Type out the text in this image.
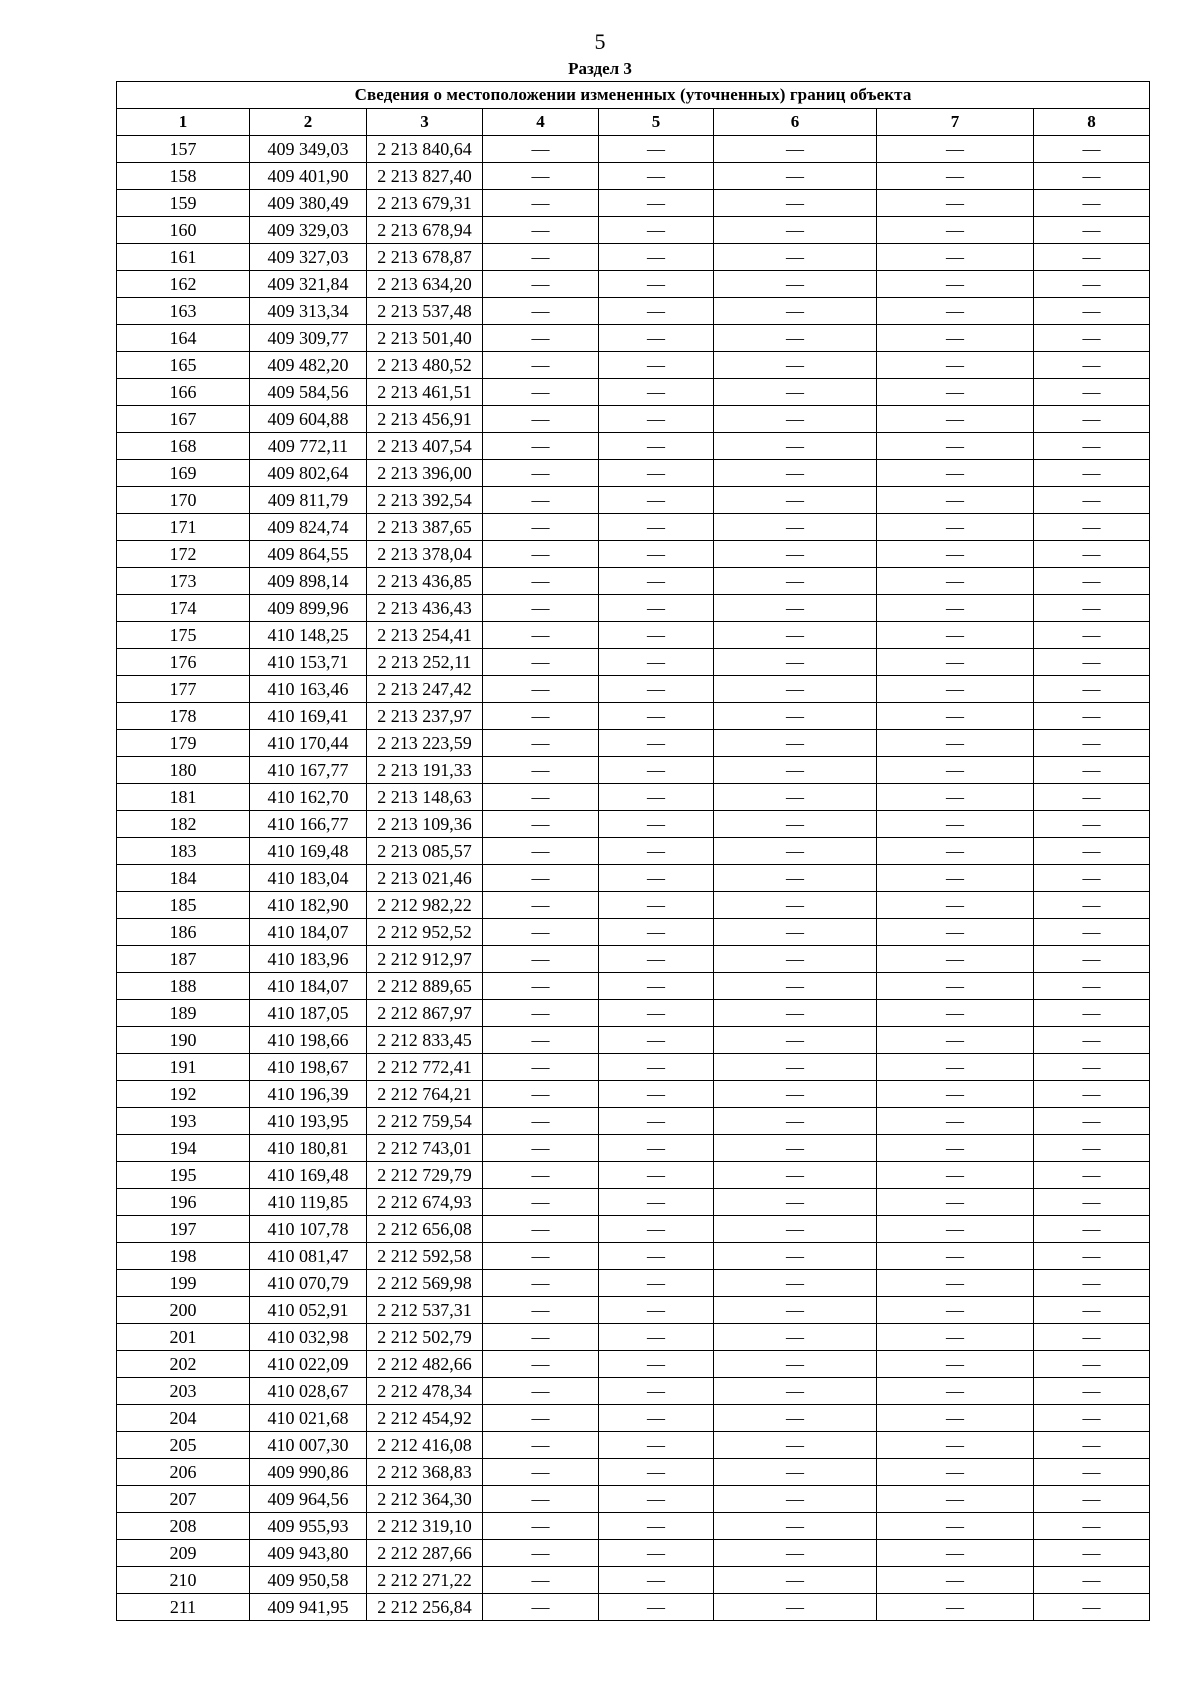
5
Раздел 3
Сведения о местоположении измененных (уточненных) границ объекта							
1	2	3	4	5	6	7	8
157	409 349,03	2 213 840,64	—	—	—	—	—
158	409 401,90	2 213 827,40	—	—	—	—	—
159	409 380,49	2 213 679,31	—	—	—	—	—
160	409 329,03	2 213 678,94	—	—	—	—	—
161	409 327,03	2 213 678,87	—	—	—	—	—
162	409 321,84	2 213 634,20	—	—	—	—	—
163	409 313,34	2 213 537,48	—	—	—	—	—
164	409 309,77	2 213 501,40	—	—	—	—	—
165	409 482,20	2 213 480,52	—	—	—	—	—
166	409 584,56	2 213 461,51	—	—	—	—	—
167	409 604,88	2 213 456,91	—	—	—	—	—
168	409 772,11	2 213 407,54	—	—	—	—	—
169	409 802,64	2 213 396,00	—	—	—	—	—
170	409 811,79	2 213 392,54	—	—	—	—	—
171	409 824,74	2 213 387,65	—	—	—	—	—
172	409 864,55	2 213 378,04	—	—	—	—	—
173	409 898,14	2 213 436,85	—	—	—	—	—
174	409 899,96	2 213 436,43	—	—	—	—	—
175	410 148,25	2 213 254,41	—	—	—	—	—
176	410 153,71	2 213 252,11	—	—	—	—	—
177	410 163,46	2 213 247,42	—	—	—	—	—
178	410 169,41	2 213 237,97	—	—	—	—	—
179	410 170,44	2 213 223,59	—	—	—	—	—
180	410 167,77	2 213 191,33	—	—	—	—	—
181	410 162,70	2 213 148,63	—	—	—	—	—
182	410 166,77	2 213 109,36	—	—	—	—	—
183	410 169,48	2 213 085,57	—	—	—	—	—
184	410 183,04	2 213 021,46	—	—	—	—	—
185	410 182,90	2 212 982,22	—	—	—	—	—
186	410 184,07	2 212 952,52	—	—	—	—	—
187	410 183,96	2 212 912,97	—	—	—	—	—
188	410 184,07	2 212 889,65	—	—	—	—	—
189	410 187,05	2 212 867,97	—	—	—	—	—
190	410 198,66	2 212 833,45	—	—	—	—	—
191	410 198,67	2 212 772,41	—	—	—	—	—
192	410 196,39	2 212 764,21	—	—	—	—	—
193	410 193,95	2 212 759,54	—	—	—	—	—
194	410 180,81	2 212 743,01	—	—	—	—	—
195	410 169,48	2 212 729,79	—	—	—	—	—
196	410 119,85	2 212 674,93	—	—	—	—	—
197	410 107,78	2 212 656,08	—	—	—	—	—
198	410 081,47	2 212 592,58	—	—	—	—	—
199	410 070,79	2 212 569,98	—	—	—	—	—
200	410 052,91	2 212 537,31	—	—	—	—	—
201	410 032,98	2 212 502,79	—	—	—	—	—
202	410 022,09	2 212 482,66	—	—	—	—	—
203	410 028,67	2 212 478,34	—	—	—	—	—
204	410 021,68	2 212 454,92	—	—	—	—	—
205	410 007,30	2 212 416,08	—	—	—	—	—
206	409 990,86	2 212 368,83	—	—	—	—	—
207	409 964,56	2 212 364,30	—	—	—	—	—
208	409 955,93	2 212 319,10	—	—	—	—	—
209	409 943,80	2 212 287,66	—	—	—	—	—
210	409 950,58	2 212 271,22	—	—	—	—	—
211	409 941,95	2 212 256,84	—	—	—	—	—
